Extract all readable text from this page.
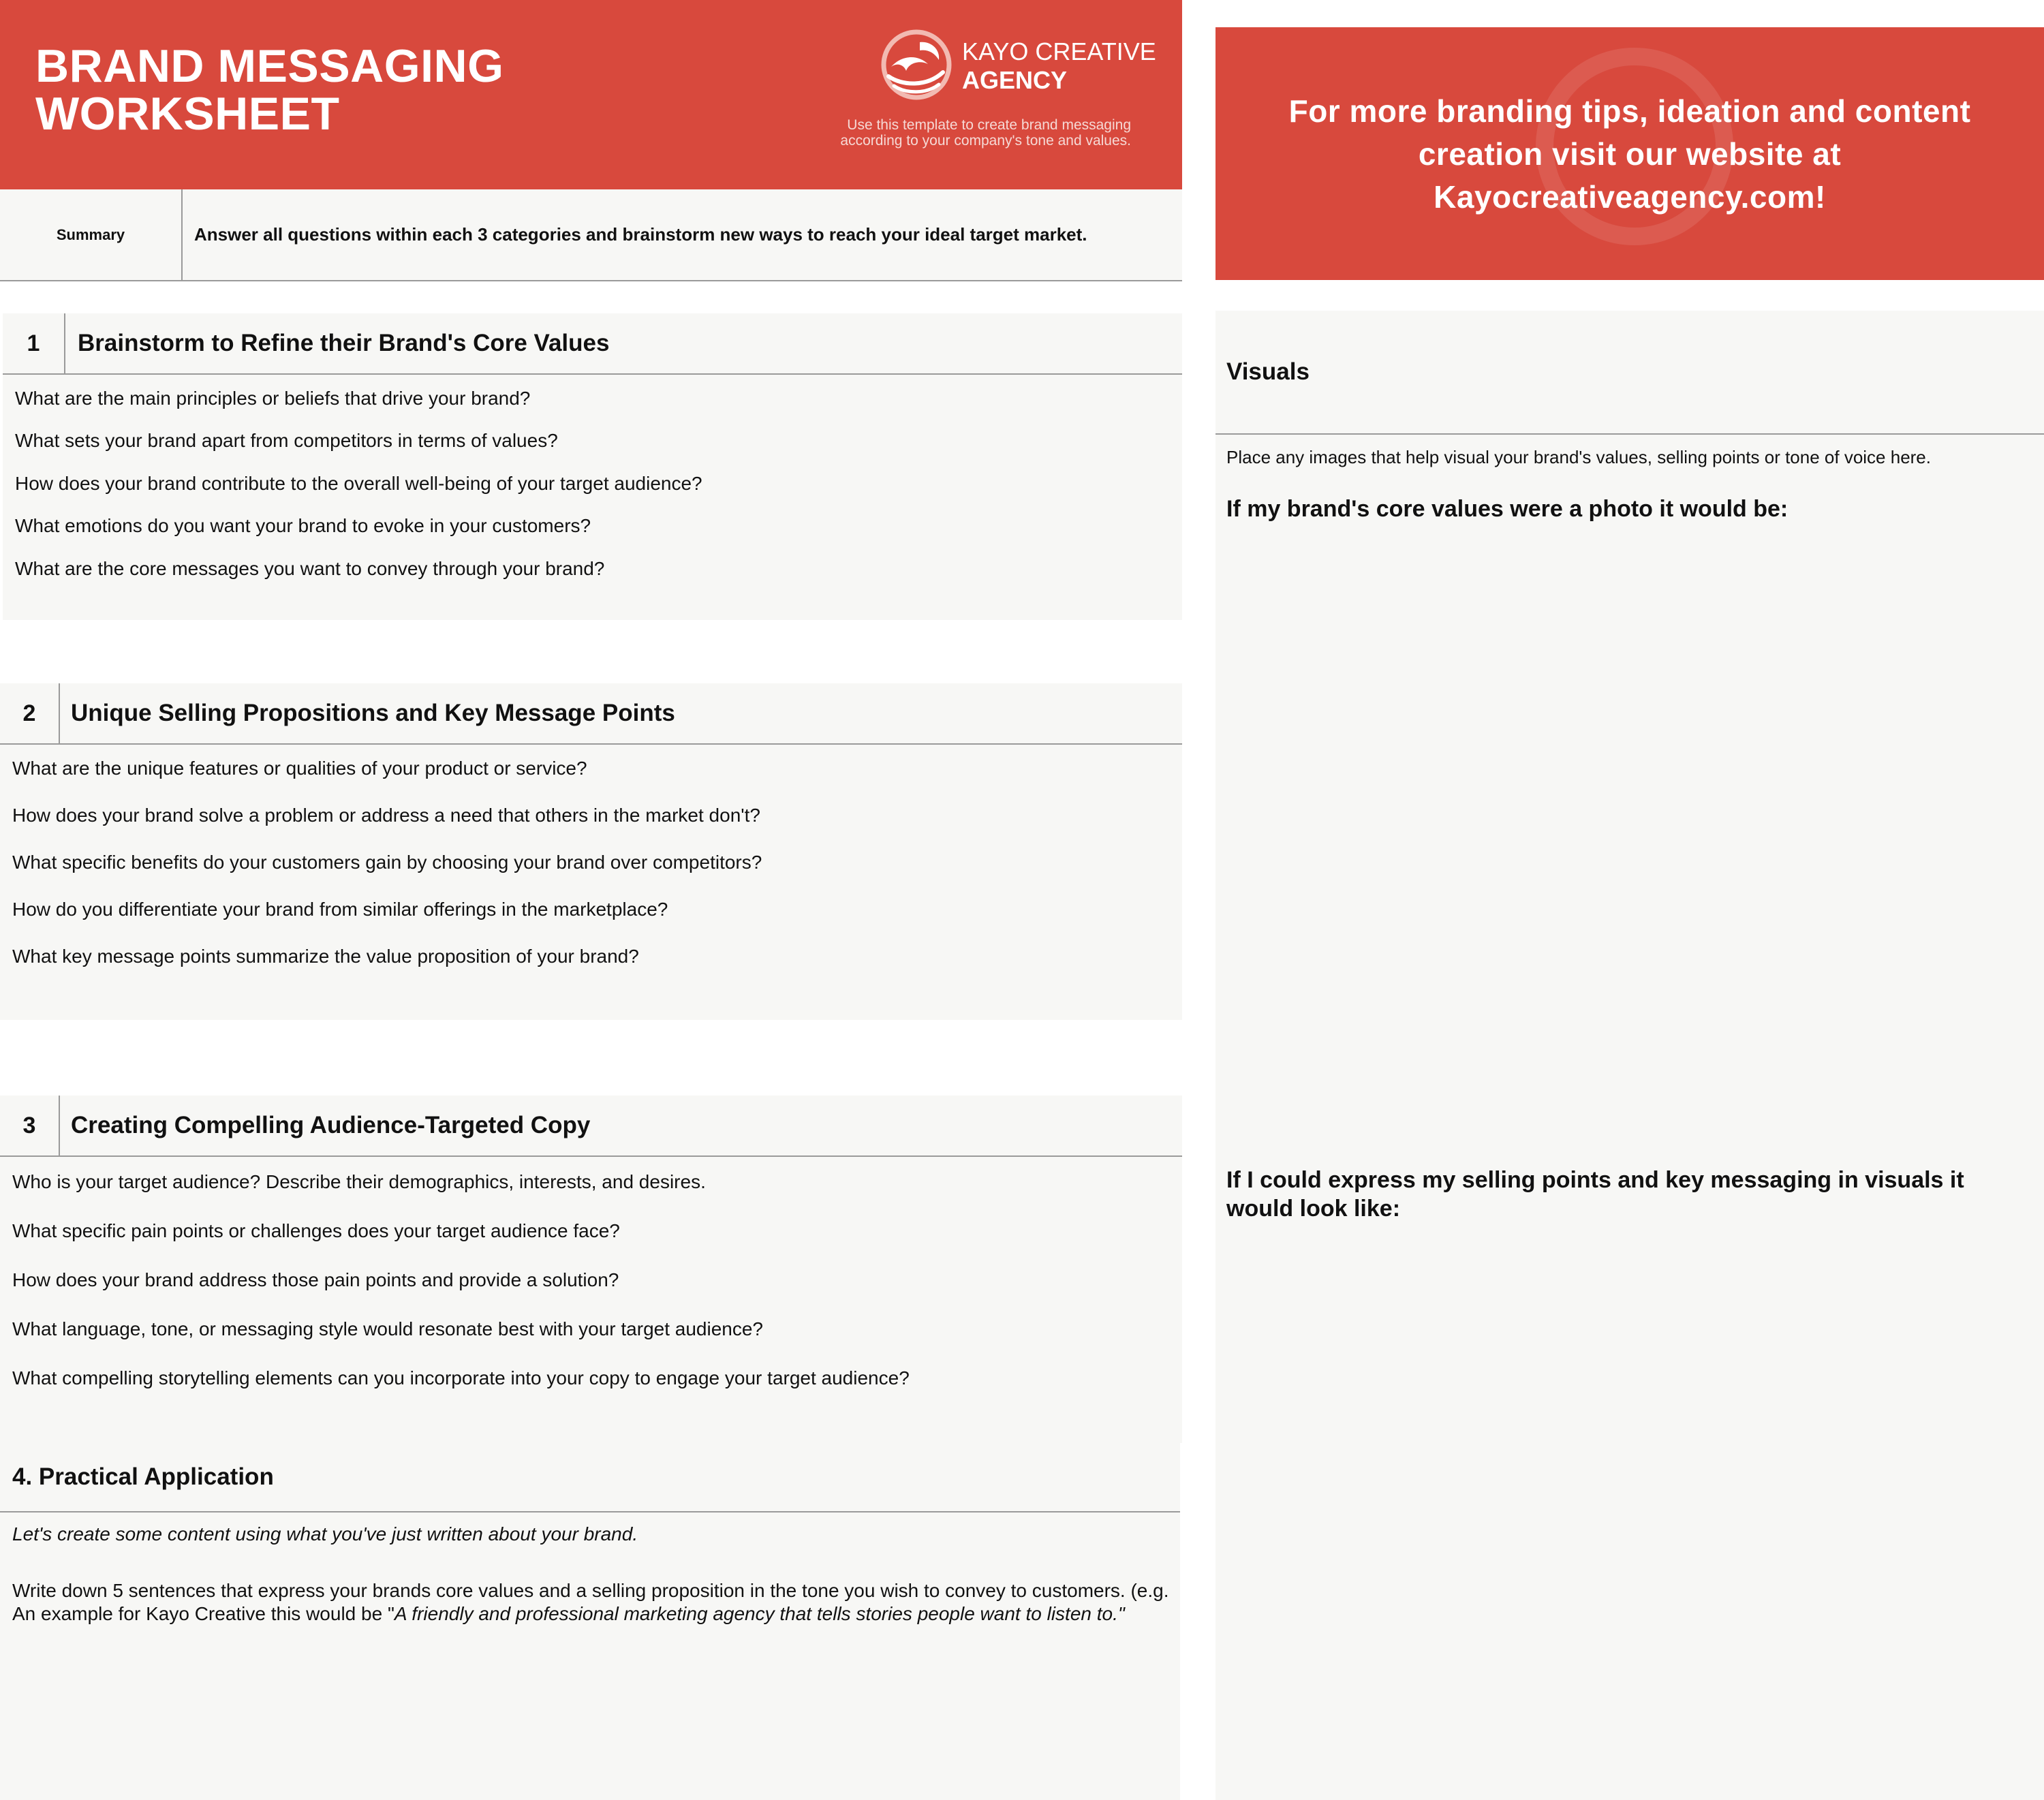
BRAND MESSAGING
WORKSHEET
KAYO CREATIVE
AGENCY
Use this template to create brand messaging according to your company's tone and values.
Summary	Answer all questions within each 3 categories and brainstorm new ways to reach your ideal target market.

For more branding tips, ideation and content creation visit our website at Kayocreativeagency.com!

1	Brainstorm to Refine their Brand's Core Values

What are the main principles or beliefs that drive your brand?

What sets your brand apart from competitors in terms of values?

How does your brand contribute to the overall well-being of your target audience?

What emotions do you want your brand to evoke in your customers?

What are the core messages you want to convey through your brand?

2	Unique Selling Propositions and Key Message Points

What are the unique features or qualities of your product or service?

How does your brand solve a problem or address a need that others in the market don't?

What specific benefits do your customers gain by choosing your brand over competitors?

How do you differentiate your brand from similar offerings in the marketplace?

What key message points summarize the value proposition of your brand?

3	Creating Compelling Audience-Targeted Copy

Who is your target audience? Describe their demographics, interests, and desires.

What specific pain points or challenges does your target audience face?

How does your brand address those pain points and provide a solution?

What language, tone, or messaging style would resonate best with your target audience?

What compelling storytelling elements can you incorporate into your copy to engage your target audience?

4. Practical Application

Let's create some content using what you've just written about your brand.

Write down 5 sentences that express your brands core values and a selling proposition in the tone you wish to convey to customers. (e.g. An example for Kayo Creative this would be "A friendly and professional marketing agency that tells stories people want to listen to."

Visuals

Place any images that help visual your brand's values, selling points or tone of voice here.

If my brand's core values were a photo it would be:

If I could express my selling points and key messaging in visuals it would look like:
